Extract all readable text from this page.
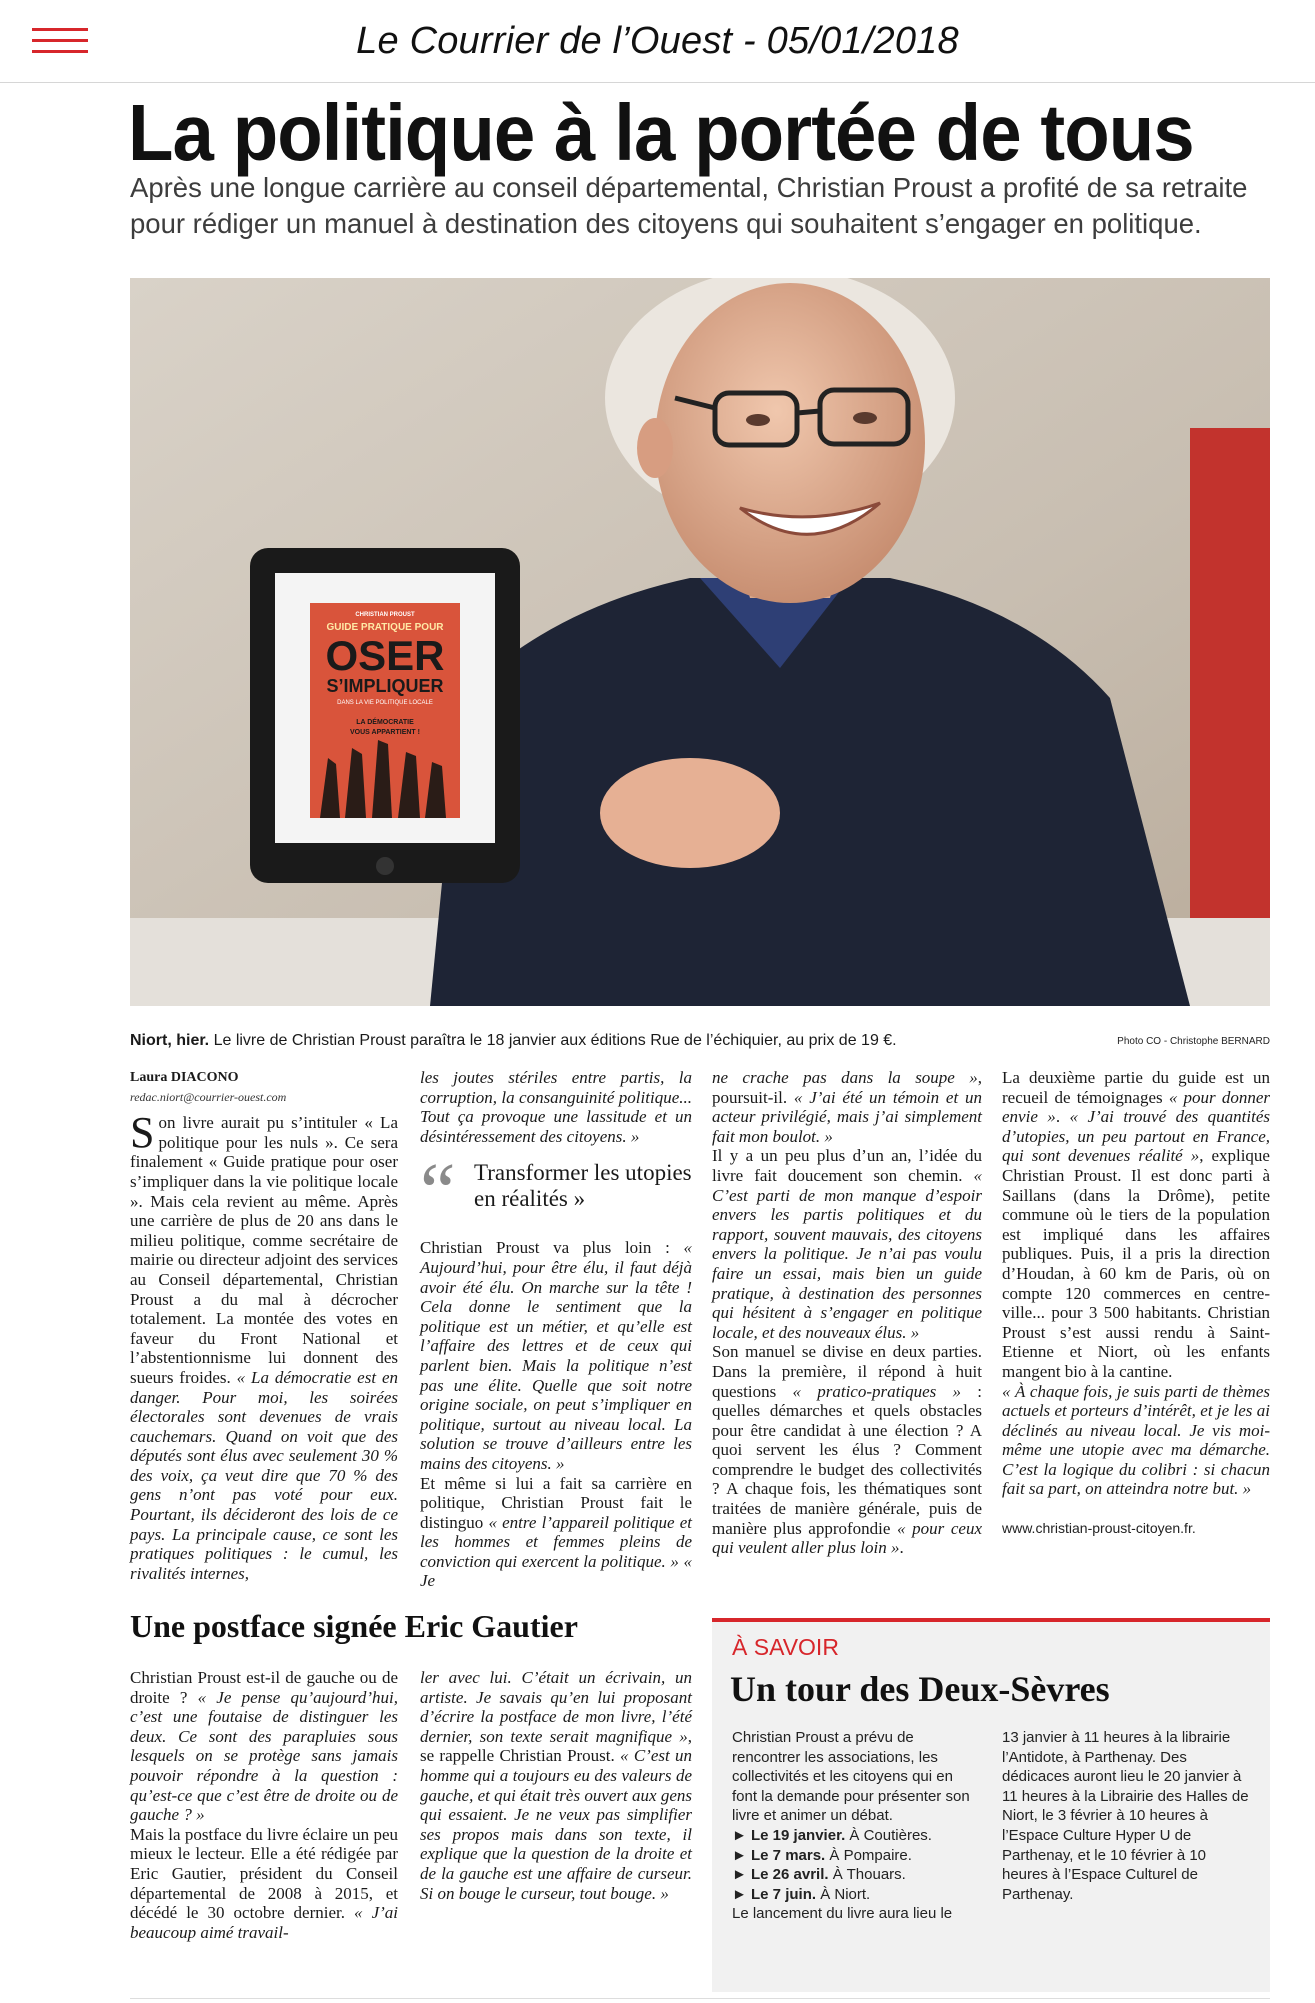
Le Courrier de l’Ouest - 05/01/2018
La politique à la portée de tous

Après une longue carrière au conseil départemental, Christian Proust a profité de sa retraite pour rédiger un manuel à destination des citoyens qui souhaitent s’engager en politique.

CHRISTIAN PROUST
GUIDE PRATIQUE POUR
OSER
S’IMPLIQUER
DANS LA VIE POLITIQUE LOCALE
LA DÉMOCRATIE
VOUS APPARTIENT !
Niort, hier. Le livre de Christian Proust paraîtra le 18 janvier aux éditions Rue de l’échiquier, au prix de 19 €.	Photo CO - Christophe BERNARD
Laura DIACONO
redac.niort@courrier-ouest.com

Son livre aurait pu s’intituler « La politique pour les nuls ». Ce sera finalement « Guide pratique pour oser s’impliquer dans la vie politique locale ». Mais cela revient au même. Après une carrière de plus de 20 ans dans le milieu politique, comme secrétaire de mairie ou directeur adjoint des services au Conseil départemental, Christian Proust a du mal à décrocher totalement. La montée des votes en faveur du Front National et l’abstentionnisme lui donnent des sueurs froides. « La démocratie est en danger. Pour moi, les soirées électorales sont devenues de vrais cauchemars. Quand on voit que des députés sont élus avec seulement 30 % des voix, ça veut dire que 70 % des gens n’ont pas voté pour eux. Pourtant, ils décideront des lois de ce pays. La principale cause, ce sont les pratiques politiques : le cumul, les rivalités internes,

les joutes stériles entre partis, la corruption, la consanguinité politique... Tout ça provoque une lassitude et un désintéressement des citoyens. »

“ Transformer les utopies en réalités »

Christian Proust va plus loin : « Aujourd’hui, pour être élu, il faut déjà avoir été élu. On marche sur la tête ! Cela donne le sentiment que la politique est un métier, et qu’elle est l’affaire des lettres et de ceux qui parlent bien. Mais la politique n’est pas une élite. Quelle que soit notre origine sociale, on peut s’impliquer en politique, surtout au niveau local. La solution se trouve d’ailleurs entre les mains des citoyens. »

Et même si lui a fait sa carrière en politique, Christian Proust fait le distinguo « entre l’appareil politique et les hommes et femmes pleins de conviction qui exercent la politique. » « Je

ne crache pas dans la soupe », poursuit-il. « J’ai été un témoin et un acteur privilégié, mais j’ai simplement fait mon boulot. »

Il y a un peu plus d’un an, l’idée du livre fait doucement son chemin. « C’est parti de mon manque d’espoir envers les partis politiques et du rapport, souvent mauvais, des citoyens envers la politique. Je n’ai pas voulu faire un essai, mais bien un guide pratique, à destination des personnes qui hésitent à s’engager en politique locale, et des nouveaux élus. »

Son manuel se divise en deux parties. Dans la première, il répond à huit questions « pratico-pratiques » : quelles démarches et quels obstacles pour être candidat à une élection ? A quoi servent les élus ? Comment comprendre le budget des collectivités ? A chaque fois, les thématiques sont traitées de manière générale, puis de manière plus approfondie « pour ceux qui veulent aller plus loin ».

La deuxième partie du guide est un recueil de témoignages « pour donner envie ». « J’ai trouvé des quantités d’utopies, un peu partout en France, qui sont devenues réalité », explique Christian Proust. Il est donc parti à Saillans (dans la Drôme), petite commune où le tiers de la population est impliqué dans les affaires publiques. Puis, il a pris la direction d’Houdan, à 60 km de Paris, où on compte 120 commerces en centre-ville... pour 3 500 habitants. Christian Proust s’est aussi rendu à Saint-Etienne et Niort, où les enfants mangent bio à la cantine.

« À chaque fois, je suis parti de thèmes actuels et porteurs d’intérêt, et je les ai déclinés au niveau local. Je vis moi-même une utopie avec ma démarche. C’est la logique du colibri : si chacun fait sa part, on atteindra notre but. »

www.christian-proust-citoyen.fr.

Une postface signée Eric Gautier

Christian Proust est-il de gauche ou de droite ? « Je pense qu’aujourd’hui, c’est une foutaise de distinguer les deux. Ce sont des parapluies sous lesquels on se protège sans jamais pouvoir répondre à la question : qu’est-ce que c’est être de droite ou de gauche ? »

Mais la postface du livre éclaire un peu mieux le lecteur. Elle a été rédigée par Eric Gautier, président du Conseil départemental de 2008 à 2015, et décédé le 30 octobre dernier. « J’ai beaucoup aimé travail-

ler avec lui. C’était un écrivain, un artiste. Je savais qu’en lui proposant d’écrire la postface de mon livre, l’été dernier, son texte serait magnifique », se rappelle Christian Proust. « C’est un homme qui a toujours eu des valeurs de gauche, et qui était très ouvert aux gens qui essaient. Je ne veux pas simplifier ses propos mais dans son texte, il explique que la question de la droite et de la gauche est une affaire de curseur. Si on bouge le curseur, tout bouge. »

À SAVOIR
Un tour des Deux-Sèvres
Christian Proust a prévu de rencontrer les associations, les collectivités et les citoyens qui en font la demande pour présenter son livre et animer un débat.
► Le 19 janvier. À Coutières.
► Le 7 mars. À Pompaire.
► Le 26 avril. À Thouars.
► Le 7 juin. À Niort.
Le lancement du livre aura lieu le
13 janvier à 11 heures à la librairie l’Antidote, à Parthenay. Des dédicaces auront lieu le 20 janvier à 11 heures à la Librairie des Halles de Niort, le 3 février à 10 heures à l’Espace Culture Hyper U de Parthenay, et le 10 février à 10 heures à l’Espace Culturel de Parthenay.
